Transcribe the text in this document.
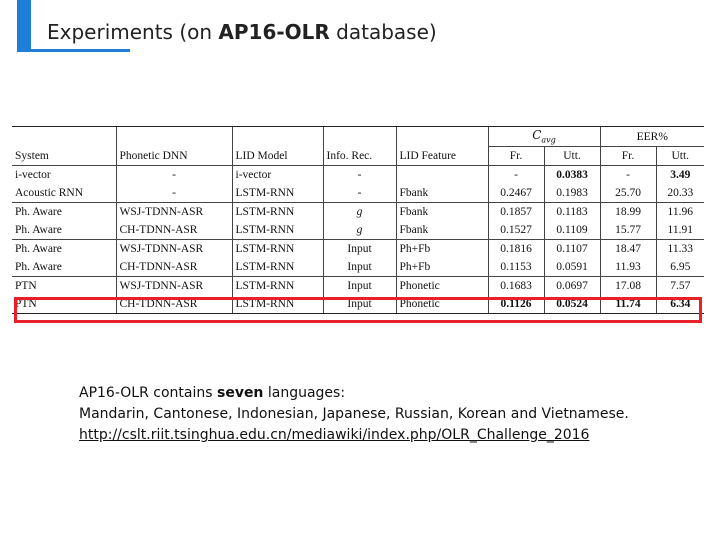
Experiments (on AP16-OLR database)
					$C_{avg}$		EER%	
System	Phonetic DNN	LID Model	Info. Rec.	LID Feature	Fr.	Utt.	Fr.	Utt.
i-vector	-	i-vector	-		-	0.0383	-	3.49
Acoustic RNN	-	LSTM-RNN	-	Fbank	0.2467	0.1983	25.70	20.33
Ph. Aware	WSJ-TDNN-ASR	LSTM-RNN	g	Fbank	0.1857	0.1183	18.99	11.96
Ph. Aware	CH-TDNN-ASR	LSTM-RNN	g	Fbank	0.1527	0.1109	15.77	11.91
Ph. Aware	WSJ-TDNN-ASR	LSTM-RNN	Input	Ph+Fb	0.1816	0.1107	18.47	11.33
Ph. Aware	CH-TDNN-ASR	LSTM-RNN	Input	Ph+Fb	0.1153	0.0591	11.93	6.95
PTN	WSJ-TDNN-ASR	LSTM-RNN	Input	Phonetic	0.1683	0.0697	17.08	7.57
PTN	CH-TDNN-ASR	LSTM-RNN	Input	Phonetic	0.1126	0.0524	11.74	6.34
AP16-OLR contains seven languages:
Mandarin, Cantonese, Indonesian, Japanese, Russian, Korean and Vietnamese.
http://cslt.riit.tsinghua.edu.cn/mediawiki/index.php/OLR_Challenge_2016
